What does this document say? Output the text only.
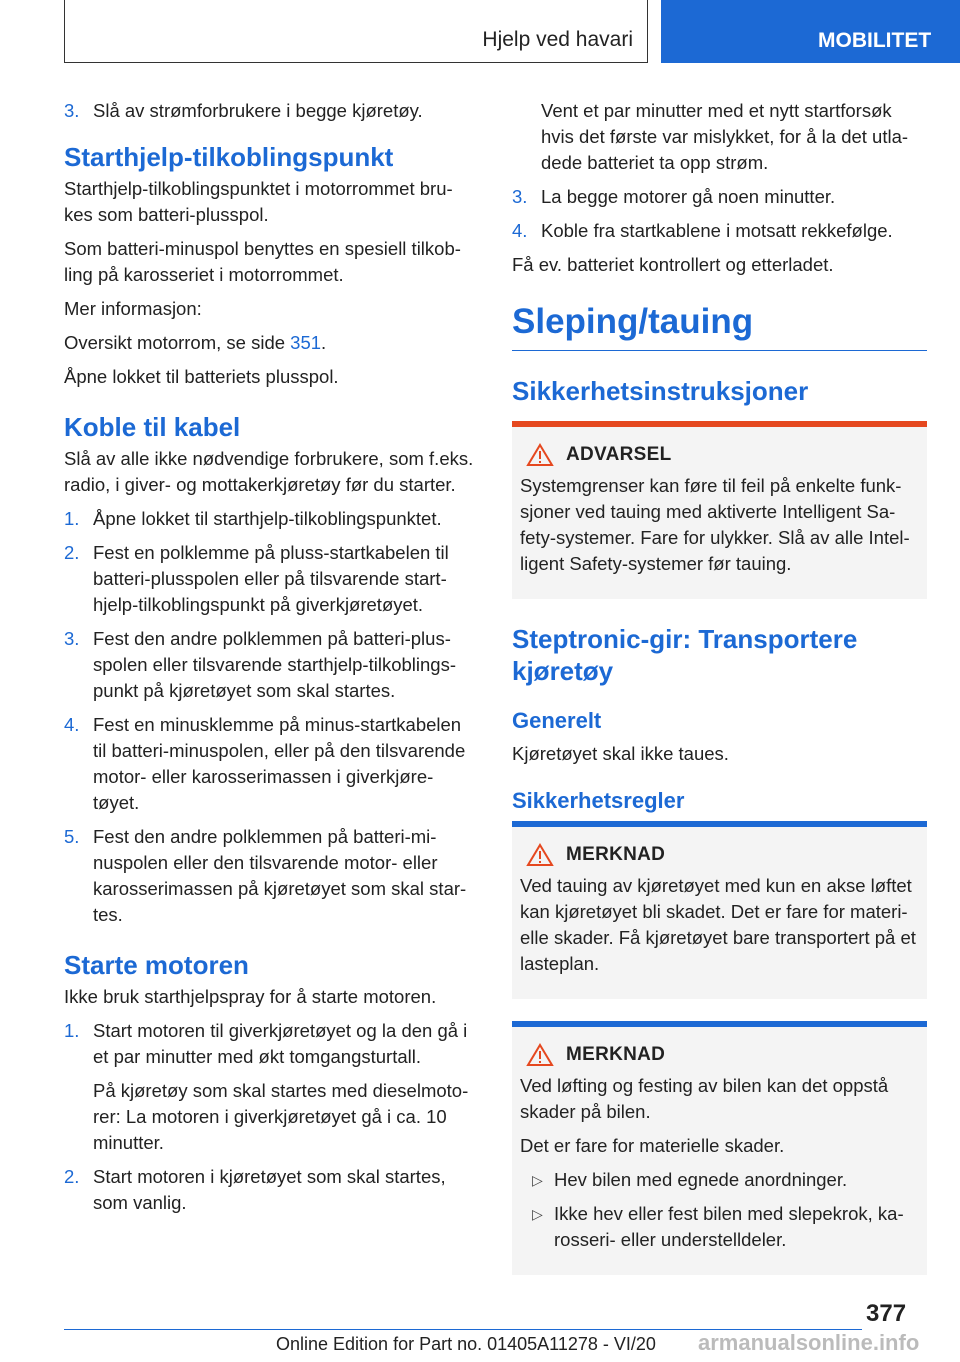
Hjelp ved havari	MOBILITET
3. Slå av strømforbrukere i begge kjøretøy.
Starthjelp-tilkoblingspunkt

Starthjelp-tilkoblingspunktet i motorrommet bru-kes som batteri-plusspol.

Som batteri-minuspol benyttes en spesiell tilkob-ling på karosseriet i motorrommet.

Mer informasjon:

Oversikt motorrom, se side 351.

Åpne lokket til batteriets plusspol.

Koble til kabel

Slå av alle ikke nødvendige forbrukere, som f.eks. radio, i giver- og mottakerkjøretøy før du starter.

1. Åpne lokket til starthjelp-tilkoblingspunktet.
2. Fest en polklemme på pluss-startkabelen til batteri-plusspolen eller på tilsvarende start-hjelp-tilkoblingspunkt på giverkjøretøyet.
3. Fest den andre polklemmen på batteri-plus-spolen eller tilsvarende starthjelp-tilkoblings-punkt på kjøretøyet som skal startes.
4. Fest en minusklemme på minus-startkabelen til batteri-minuspolen, eller på den tilsvarende motor- eller karosserimassen i giverkjøre-tøyet.
5. Fest den andre polklemmen på batteri-mi-nuspolen eller den tilsvarende motor- eller karosserimassen på kjøretøyet som skal star-tes.
Starte motoren

Ikke bruk starthjelpspray for å starte motoren.

1. Start motoren til giverkjøretøyet og la den gå i et par minutter med økt tomgangsturtall.
På kjøretøy som skal startes med dieselmoto-rer: La motoren i giverkjøretøyet gå i ca. 10 minutter.
2. Start motoren i kjøretøyet som skal startes, som vanlig.
Vent et par minutter med et nytt startforsøk hvis det første var mislykket, for å la det utla-dede batteriet ta opp strøm.
3. La begge motorer gå noen minutter.
4. Koble fra startkablene i motsatt rekkefølge.

Få ev. batteriet kontrollert og etterladet.

Sleping/tauing
Sikkerhetsinstruksjoner
ADVARSEL

Systemgrenser kan føre til feil på enkelte funk-sjoner ved tauing med aktiverte Intelligent Sa-fety-systemer. Fare for ulykker. Slå av alle Intel-ligent Safety-systemer før tauing.

Steptronic-gir: Transportere kjøretøy
Generelt

Kjøretøyet skal ikke taues.

Sikkerhetsregler
MERKNAD

Ved tauing av kjøretøyet med kun en akse løftet kan kjøretøyet bli skadet. Det er fare for materi-elle skader. Få kjøretøyet bare transportert på et lasteplan.

MERKNAD

Ved løfting og festing av bilen kan det oppstå skader på bilen.

Det er fare for materielle skader.

▷ Hev bilen med egnede anordninger.
▷ Ikke hev eller fest bilen med slepekrok, ka-rosseri- eller understelldeler.
377
Online Edition for Part no. 01405A11278 - VI/20 armanualsonline.info
